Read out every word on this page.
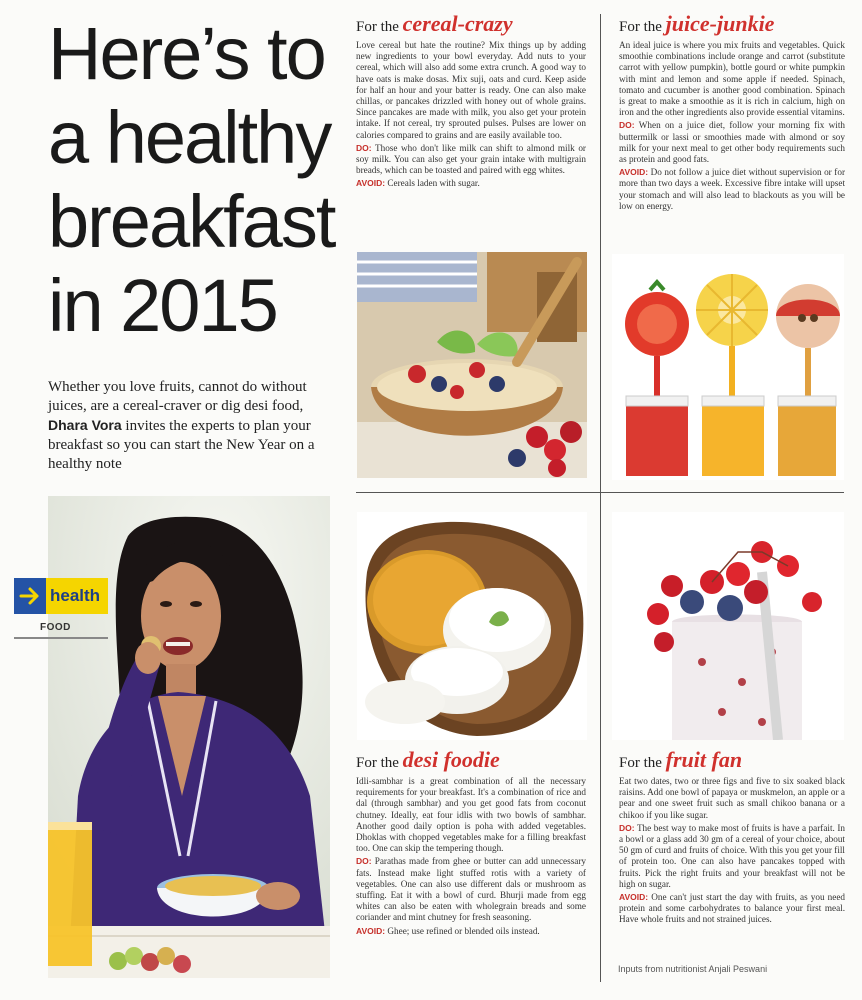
Here’s to
a healthy
breakfast
in 2015

Whether you love fruits, cannot do without juices, are a cereal-craver or dig desi food, Dhara Vora invites the experts to plan your breakfast so you can start the New Year on a healthy note

health
FOOD
For the cereal-crazy

Love cereal but hate the routine? Mix things up by adding new ingredients to your bowl everyday. Add nuts to your cereal, which will also add some extra crunch. A good way to have oats is make dosas. Mix suji, oats and curd. Keep aside for half an hour and your batter is ready. One can also make chillas, or pancakes drizzled with honey out of whole grains. Since pancakes are made with milk, you also get your protein intake. If not cereal, try sprouted pulses. Pulses are lower on calories compared to grains and are easily available too.

DO: Those who don't like milk can shift to almond milk or soy milk. You can also get your grain intake with multigrain breads, which can be toasted and paired with egg whites.

AVOID: Cereals laden with sugar.

For the juice-junkie

An ideal juice is where you mix fruits and vegetables. Quick smoothie combinations include orange and carrot (substitute carrot with yellow pumpkin), bottle gourd or white pumpkin with mint and lemon and some apple if needed. Spinach, tomato and cucumber is another good combination. Spinach is great to make a smoothie as it is rich in calcium, high on iron and the other ingredients also provide essential vitamins.

DO: When on a juice diet, follow your morning fix with buttermilk or lassi or smoothies made with almond or soy milk for your next meal to get other body requirements such as protein and good fats.

AVOID: Do not follow a juice diet without supervision or for more than two days a week. Excessive fibre intake will upset your stomach and will also lead to blackouts as you will be low on energy.

For the desi foodie

Idli-sambhar is a great combination of all the necessary requirements for your breakfast. It's a combination of rice and dal (through sambhar) and you get good fats from coconut chutney. Ideally, eat four idlis with two bowls of sambhar. Another good daily option is poha with added vegetables. Dhoklas with chopped vegetables make for a filling breakfast too. One can skip the tempering though.

DO: Parathas made from ghee or butter can add unnecessary fats. Instead make light stuffed rotis with a variety of vegetables. One can also use different dals or mushroom as stuffing. Eat it with a bowl of curd. Bhurji made from egg whites can also be eaten with wholegrain breads and some coriander and mint chutney for fresh seasoning.

AVOID: Ghee; use refined or blended oils instead.

For the fruit fan

Eat two dates, two or three figs and five to six soaked black raisins. Add one bowl of papaya or muskmelon, an apple or a pear and one sweet fruit such as small chikoo banana or a chikoo if you like sugar.

DO: The best way to make most of fruits is have a parfait. In a bowl or a glass add 30 gm of a cereal of your choice, about 50 gm of curd and fruits of choice. With this you get your fill of protein too. One can also have pancakes topped with fruits. Pick the right fruits and your breakfast will not be high on sugar.

AVOID: One can't just start the day with fruits, as you need protein and some carbohydrates to balance your first meal. Have whole fruits and not strained juices.

Inputs from nutritionist Anjali Peswani
